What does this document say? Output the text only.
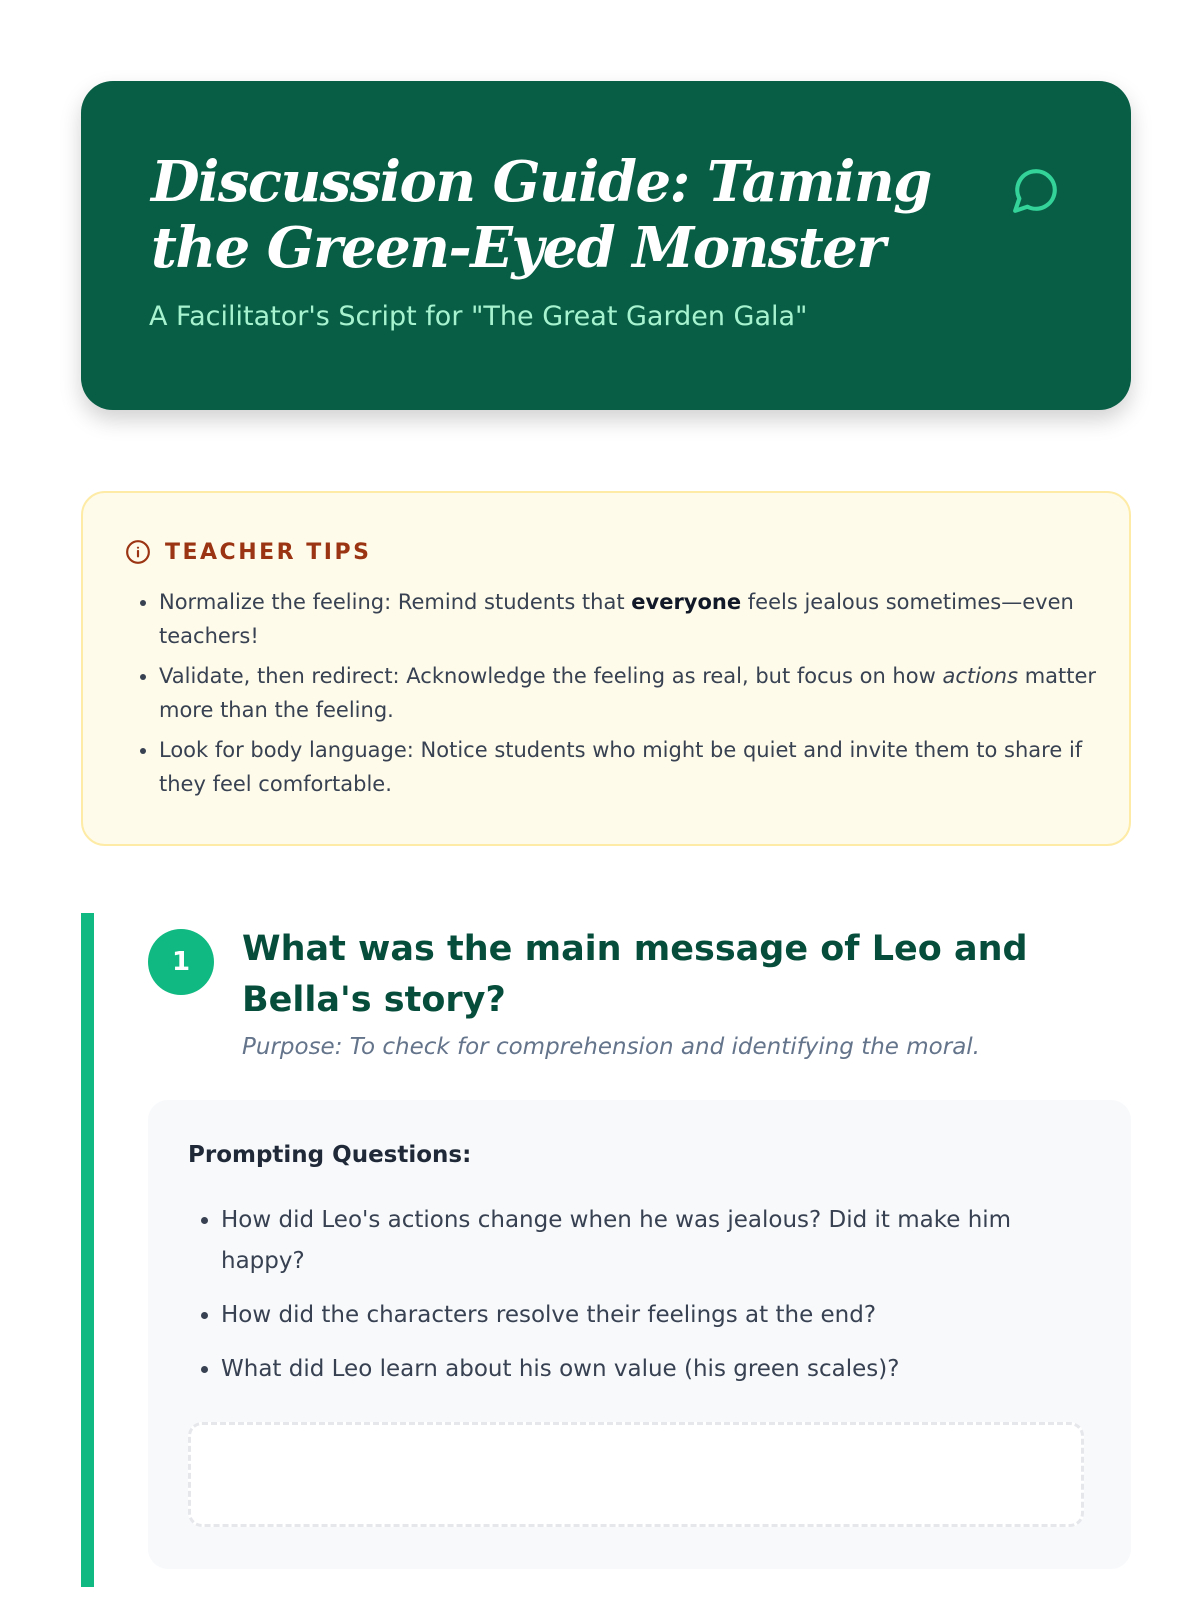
Discussion Guide: Taming the Green-Eyed Monster

A Facilitator's Script for "The Great Garden Gala"

TEACHER TIPS
• Normalize the feeling: Remind students that everyone feels jealous sometimes—even teachers!
• Validate, then redirect: Acknowledge the feeling as real, but focus on how actions matter more than the feeling.
• Look for body language: Notice students who might be quiet and invite them to share if they feel comfortable.
1	What was the main message of Leo and Bella's story?

Purpose: To check for comprehension and identifying the moral.

Prompting Questions:
• How did Leo's actions change when he was jealous? Did it make him happy?
• How did the characters resolve their feelings at the end?
• What did Leo learn about his own value (his green scales)?
